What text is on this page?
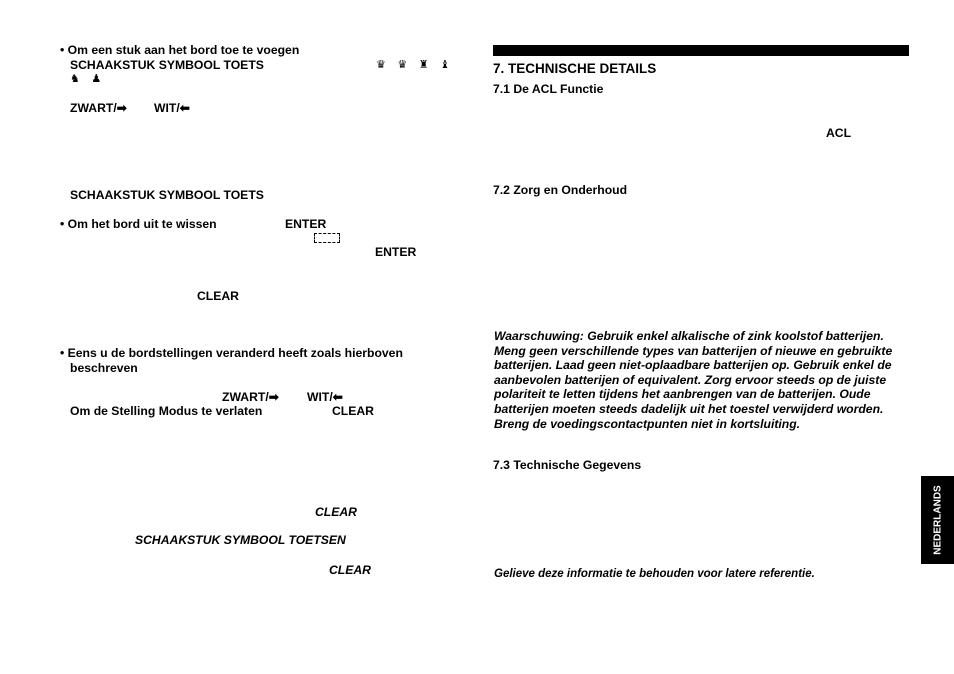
• Om een stuk aan het bord toe te voegen
SCHAAKSTUK SYMBOOL TOETS	♛ ♛ ♜ ♝
♞ ♟
ZWART/➡ WIT/⬅
SCHAAKSTUK SYMBOOL TOETS
• Om het bord uit te wissen	ENTER
ENTER
CLEAR
• Eens u de bordstellingen veranderd heeft zoals hierboven
beschreven
ZWART/➡ WIT/⬅
Om de Stelling Modus te verlaten	CLEAR
CLEAR
SCHAAKSTUK SYMBOOL TOETSEN
CLEAR
7. TECHNISCHE DETAILS
7.1 De ACL Functie
ACL
7.2 Zorg en Onderhoud
Waarschuwing: Gebruik enkel alkalische of zink koolstof batterijen. Meng geen verschillende types van batterijen of nieuwe en gebruikte batterijen. Laad geen niet-oplaadbare batterijen op. Gebruik enkel de aanbevolen batterijen of equivalent. Zorg ervoor steeds op de juiste polariteit te letten tijdens het aanbrengen van de batterijen. Oude batterijen moeten steeds dadelijk uit het toestel verwijderd worden. Breng de voedingscontactpunten niet in kortsluiting.
7.3 Technische Gegevens
Gelieve deze informatie te behouden voor latere referentie.
NEDERLANDS
